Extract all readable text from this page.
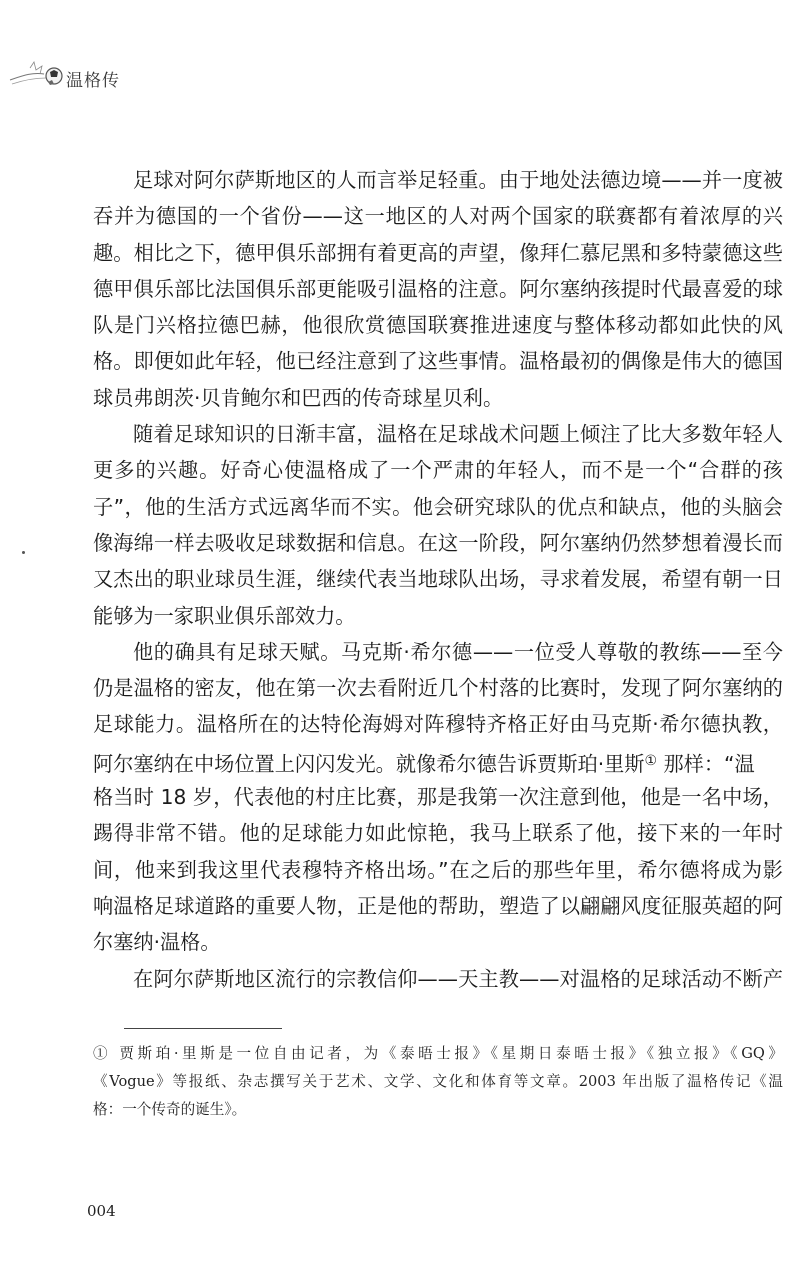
温格传
足球对阿尔萨斯地区的人而言举足轻重。由于地处法德边境——并一度被
吞并为德国的一个省份——这一地区的人对两个国家的联赛都有着浓厚的兴
趣。相比之下，德甲俱乐部拥有着更高的声望，像拜仁慕尼黑和多特蒙德这些
德甲俱乐部比法国俱乐部更能吸引温格的注意。阿尔塞纳孩提时代最喜爱的球
队是门兴格拉德巴赫，他很欣赏德国联赛推进速度与整体移动都如此快的风
格。即便如此年轻，他已经注意到了这些事情。温格最初的偶像是伟大的德国
球员弗朗茨·贝肯鲍尔和巴西的传奇球星贝利。
随着足球知识的日渐丰富，温格在足球战术问题上倾注了比大多数年轻人
更多的兴趣。好奇心使温格成了一个严肃的年轻人，而不是一个“合群的孩
子”，他的生活方式远离华而不实。他会研究球队的优点和缺点，他的头脑会
像海绵一样去吸收足球数据和信息。在这一阶段，阿尔塞纳仍然梦想着漫长而
又杰出的职业球员生涯，继续代表当地球队出场，寻求着发展，希望有朝一日
能够为一家职业俱乐部效力。
他的确具有足球天赋。马克斯·希尔德——一位受人尊敬的教练——至今
仍是温格的密友，他在第一次去看附近几个村落的比赛时，发现了阿尔塞纳的
足球能力。温格所在的达特伦海姆对阵穆特齐格正好由马克斯·希尔德执教，
阿尔塞纳在中场位置上闪闪发光。就像希尔德告诉贾斯珀·里斯① 那样：“温
格当时 18 岁，代表他的村庄比赛，那是我第一次注意到他，他是一名中场，
踢得非常不错。他的足球能力如此惊艳，我马上联系了他，接下来的一年时
间，他来到我这里代表穆特齐格出场。”在之后的那些年里，希尔德将成为影
响温格足球道路的重要人物，正是他的帮助，塑造了以翩翩风度征服英超的阿
尔塞纳·温格。
在阿尔萨斯地区流行的宗教信仰——天主教——对温格的足球活动不断产
① 贾斯珀·里斯是一位自由记者，为《泰晤士报》《星期日泰晤士报》《独立报》《GQ》
《Vogue》等报纸、杂志撰写关于艺术、文学、文化和体育等文章。2003 年出版了温格传记《温
格：一个传奇的诞生》。
004
